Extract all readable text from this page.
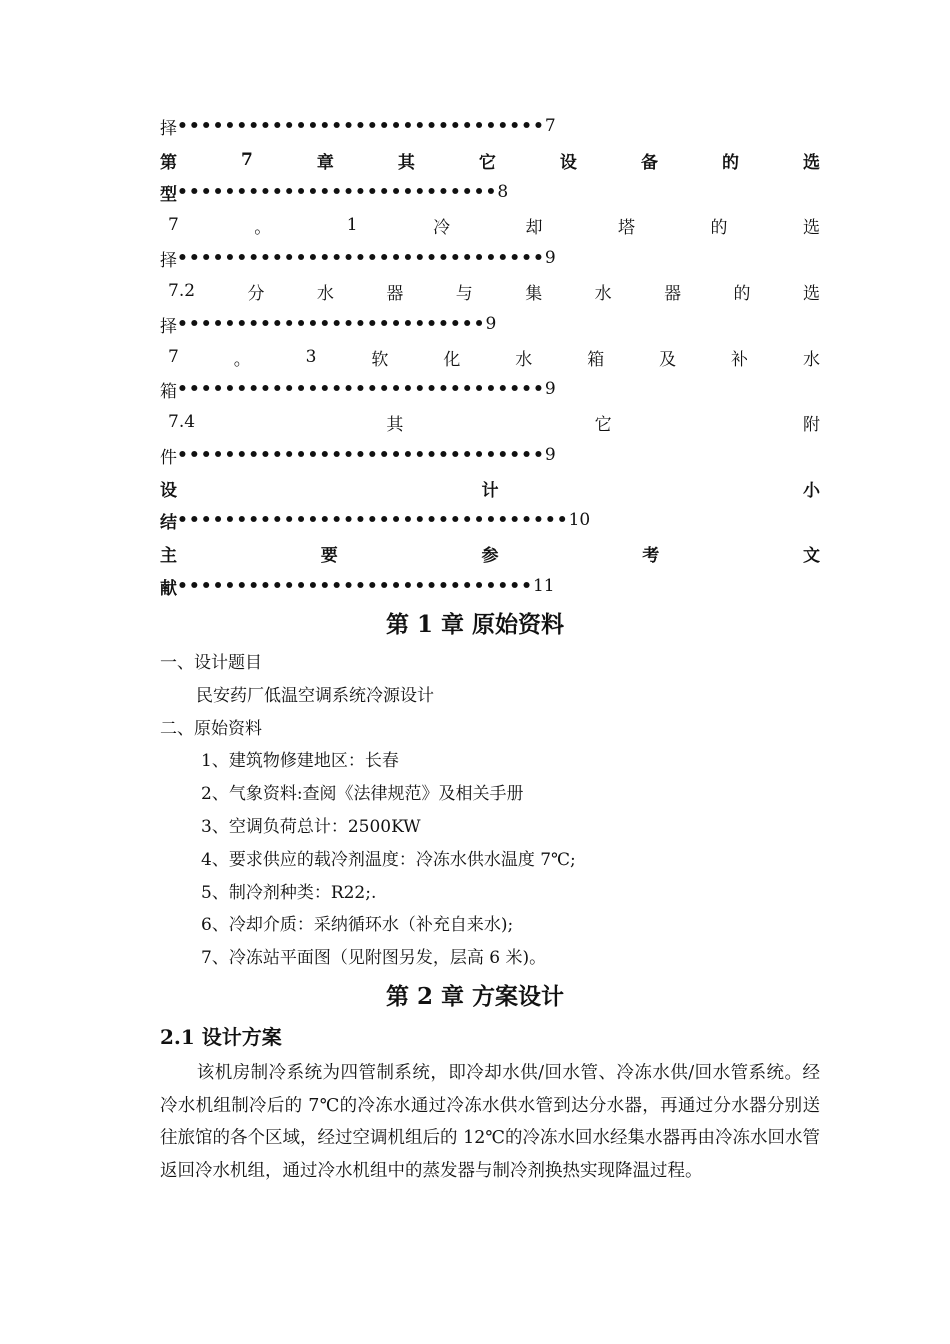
择 ••••••••••••••••••••••••••••••• 7
第	7	章	其	它	设	备	的	选
型 ••••••••••••••••••••••••••• 8
7	。	1	冷	却	塔	的	选
择 ••••••••••••••••••••••••••••••• 9
7.2	分	水	器	与	集	水	器	的	选
择 •••••••••••••••••••••••••• 9
7	。	3	软	化	水	箱	及	补	水
箱 ••••••••••••••••••••••••••••••• 9
7.4	其	它	附
件 ••••••••••••••••••••••••••••••• 9
设	计	小
结 ••••••••••••••••••••••••••••••••• 10
主	要	参	考	文
献 •••••••••••••••••••••••••••••• 11
第 1 章 原始资料
一、设计题目
民安药厂低温空调系统冷源设计
二、原始资料
1、建筑物修建地区：长春
2、气象资料:查阅《法律规范》及相关手册
3、空调负荷总计：2500KW
4、要求供应的载冷剂温度：冷冻水供水温度 7℃;
5、制冷剂种类：R22;.
6、冷却介质：采纳循环水（补充自来水);
7、冷冻站平面图（见附图另发，层高 6 米)。
第 2 章 方案设计
2.1 设计方案

该机房制冷系统为四管制系统，即冷却水供/回水管、冷冻水供/回水管系统。经冷水机组制冷后的 7℃的冷冻水通过冷冻水供水管到达分水器，再通过分水器分别送往旅馆的各个区域，经过空调机组后的 12℃的冷冻水回水经集水器再由冷冻水回水管返回冷水机组，通过冷水机组中的蒸发器与制冷剂换热实现降温过程。
